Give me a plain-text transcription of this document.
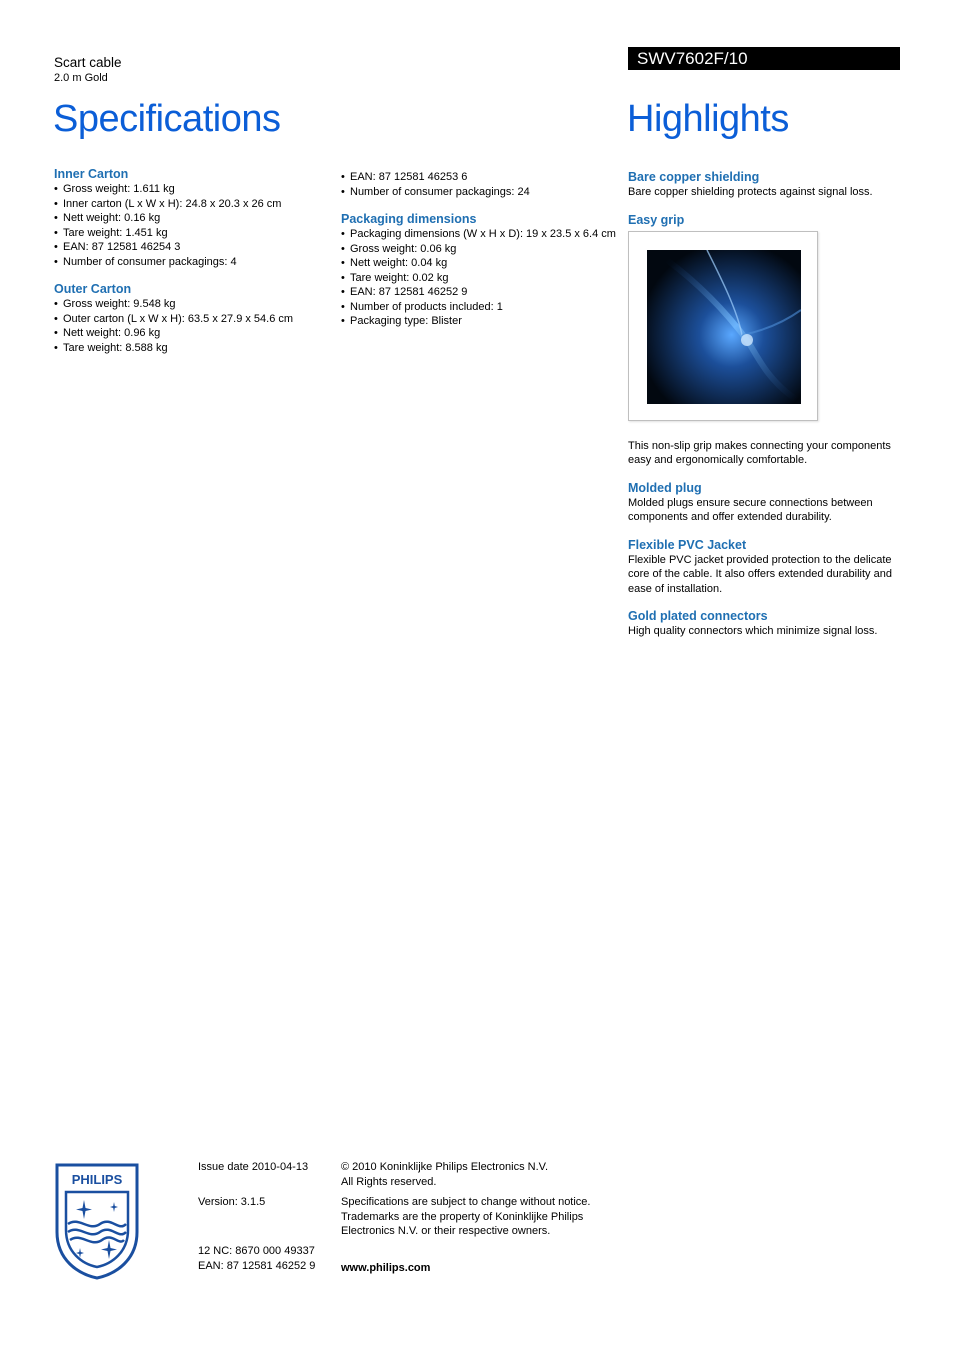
Scart cable
2.0 m Gold
SWV7602F/10
Specifications	Highlights
Inner Carton
• Gross weight: 1.611 kg
• Inner carton (L x W x H): 24.8 x 20.3 x 26 cm
• Nett weight: 0.16 kg
• Tare weight: 1.451 kg
• EAN: 87 12581 46254 3
• Number of consumer packagings: 4
Outer Carton
• Gross weight: 9.548 kg
• Outer carton (L x W x H): 63.5 x 27.9 x 54.6 cm
• Nett weight: 0.96 kg
• Tare weight: 8.588 kg
• EAN: 87 12581 46253 6
• Number of consumer packagings: 24
Packaging dimensions
• Packaging dimensions (W x H x D): 19 x 23.5 x 6.4 cm
• Gross weight: 0.06 kg
• Nett weight: 0.04 kg
• Tare weight: 0.02 kg
• EAN: 87 12581 46252 9
• Number of products included: 1
• Packaging type: Blister
Bare copper shielding

Bare copper shielding protects against signal loss.

Easy grip

This non-slip grip makes connecting your components easy and ergonomically comfortable.

Molded plug

Molded plugs ensure secure connections between components and offer extended durability.

Flexible PVC Jacket

Flexible PVC jacket provided protection to the delicate core of the cable. It also offers extended durability and ease of installation.

Gold plated connectors

High quality connectors which minimize signal loss.

PHILIPS

Issue date 2010-04-13

Version: 3.1.5

12 NC: 8670 000 49337

EAN: 87 12581 46252 9

© 2010 Koninklijke Philips Electronics N.V.

All Rights reserved.

Specifications are subject to change without notice.

Trademarks are the property of Koninklijke Philips

Electronics N.V. or their respective owners.

www.philips.com
